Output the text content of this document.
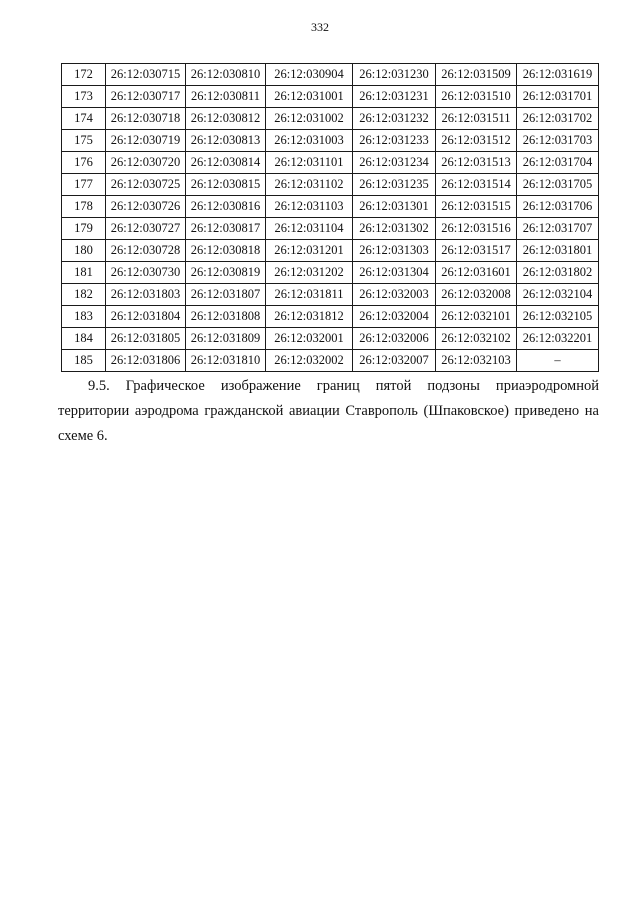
332
172	26:12:030715	26:12:030810	26:12:030904	26:12:031230	26:12:031509	26:12:031619
173	26:12:030717	26:12:030811	26:12:031001	26:12:031231	26:12:031510	26:12:031701
174	26:12:030718	26:12:030812	26:12:031002	26:12:031232	26:12:031511	26:12:031702
175	26:12:030719	26:12:030813	26:12:031003	26:12:031233	26:12:031512	26:12:031703
176	26:12:030720	26:12:030814	26:12:031101	26:12:031234	26:12:031513	26:12:031704
177	26:12:030725	26:12:030815	26:12:031102	26:12:031235	26:12:031514	26:12:031705
178	26:12:030726	26:12:030816	26:12:031103	26:12:031301	26:12:031515	26:12:031706
179	26:12:030727	26:12:030817	26:12:031104	26:12:031302	26:12:031516	26:12:031707
180	26:12:030728	26:12:030818	26:12:031201	26:12:031303	26:12:031517	26:12:031801
181	26:12:030730	26:12:030819	26:12:031202	26:12:031304	26:12:031601	26:12:031802
182	26:12:031803	26:12:031807	26:12:031811	26:12:032003	26:12:032008	26:12:032104
183	26:12:031804	26:12:031808	26:12:031812	26:12:032004	26:12:032101	26:12:032105
184	26:12:031805	26:12:031809	26:12:032001	26:12:032006	26:12:032102	26:12:032201
185	26:12:031806	26:12:031810	26:12:032002	26:12:032007	26:12:032103	–
9.5. Графическое изображение границ пятой подзоны приаэродромной территории аэродрома гражданской авиации Ставрополь (Шпаковское) приведено на схеме 6.
